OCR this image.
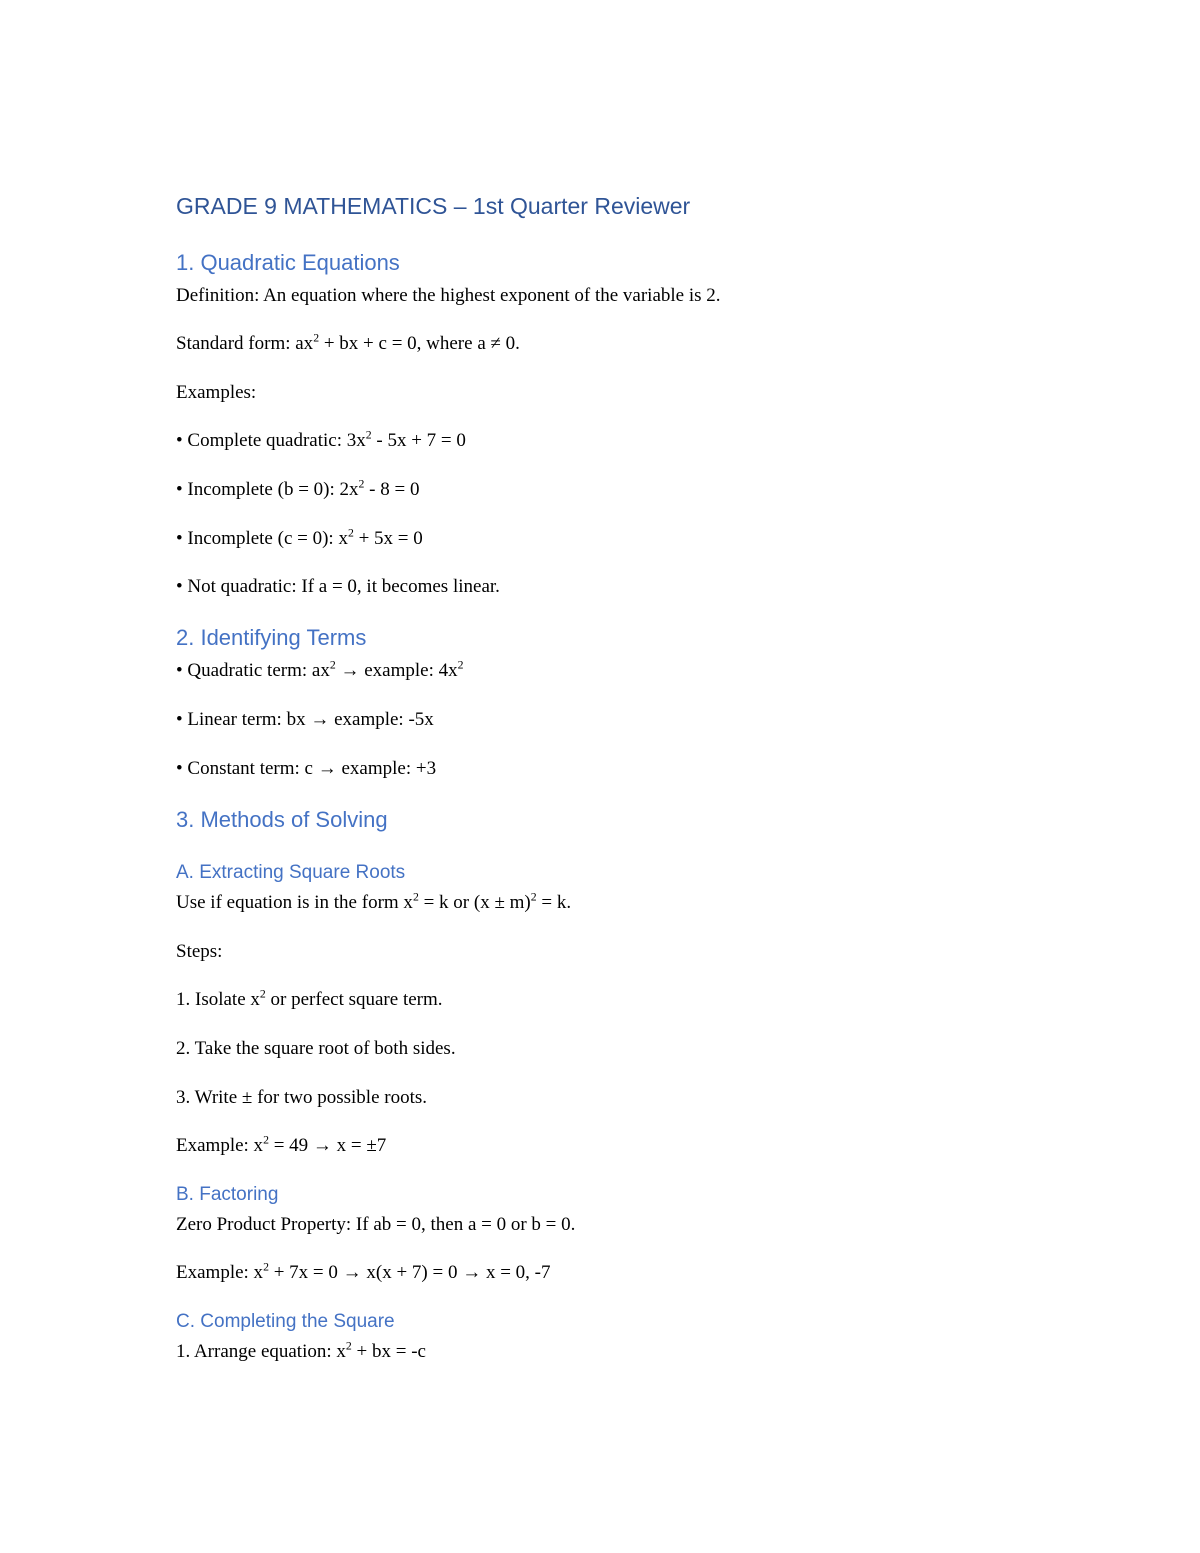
GRADE 9 MATHEMATICS – 1st Quarter Reviewer
1. Quadratic Equations

Definition: An equation where the highest exponent of the variable is 2.

Standard form: $ax^2$ + bx + c = 0, where a ≠ 0.

Examples:

• Complete quadratic: $3x^2 - 5x + 7 = 0$

• Incomplete (b = 0): $2x^2 - 8 = 0$

• Incomplete (c = 0): $x^2 + 5x = 0$

• Not quadratic: If a = 0, it becomes linear.

2. Identifying Terms

• Quadratic term: $ax^2$ → example: $4x^2$

• Linear term: bx → example: -5x

• Constant term: c → example: +3

3. Methods of Solving
A. Extracting Square Roots

Use if equation is in the form $x^2 = k$ or $(x \pm m)^2 = k$.

Steps:

1. Isolate $x^2$ or perfect square term.

2. Take the square root of both sides.

3. Write ± for two possible roots.

Example: $x^2 = 49 \to x = \pm 7$

B. Factoring

Zero Product Property: If ab = 0, then a = 0 or b = 0.

Example: $x^2 + 7x = 0 \to x(x + 7) = 0 \to x = 0$, -7

C. Completing the Square

1. Arrange equation: $x^2$ + bx = -c
